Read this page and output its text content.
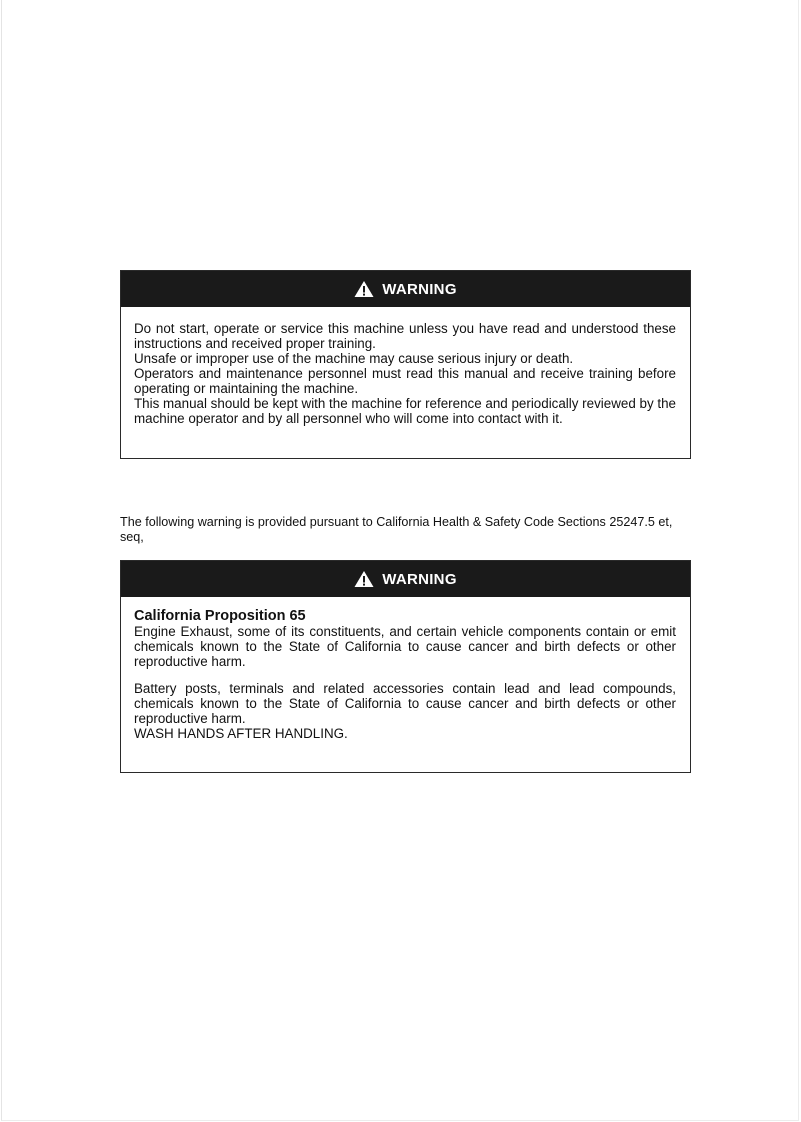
WARNING

Do not start, operate or service this machine unless you have read and understood these instructions and received proper training.

Unsafe or improper use of the machine may cause serious injury or death.

Operators and maintenance personnel must read this manual and receive training before operating or maintaining the machine.

This manual should be kept with the machine for reference and periodically reviewed by the machine operator and by all personnel who will come into contact with it.

The following warning is provided pursuant to California Health & Safety Code Sections 25247.5 et, seq,
WARNING

California Proposition 65

Engine Exhaust, some of its constituents, and certain vehicle components contain or emit chemicals known to the State of California to cause cancer and birth defects or other reproductive harm.

Battery posts, terminals and related accessories contain lead and lead compounds, chemicals known to the State of California to cause cancer and birth defects or other reproductive harm.

WASH HANDS AFTER HANDLING.
